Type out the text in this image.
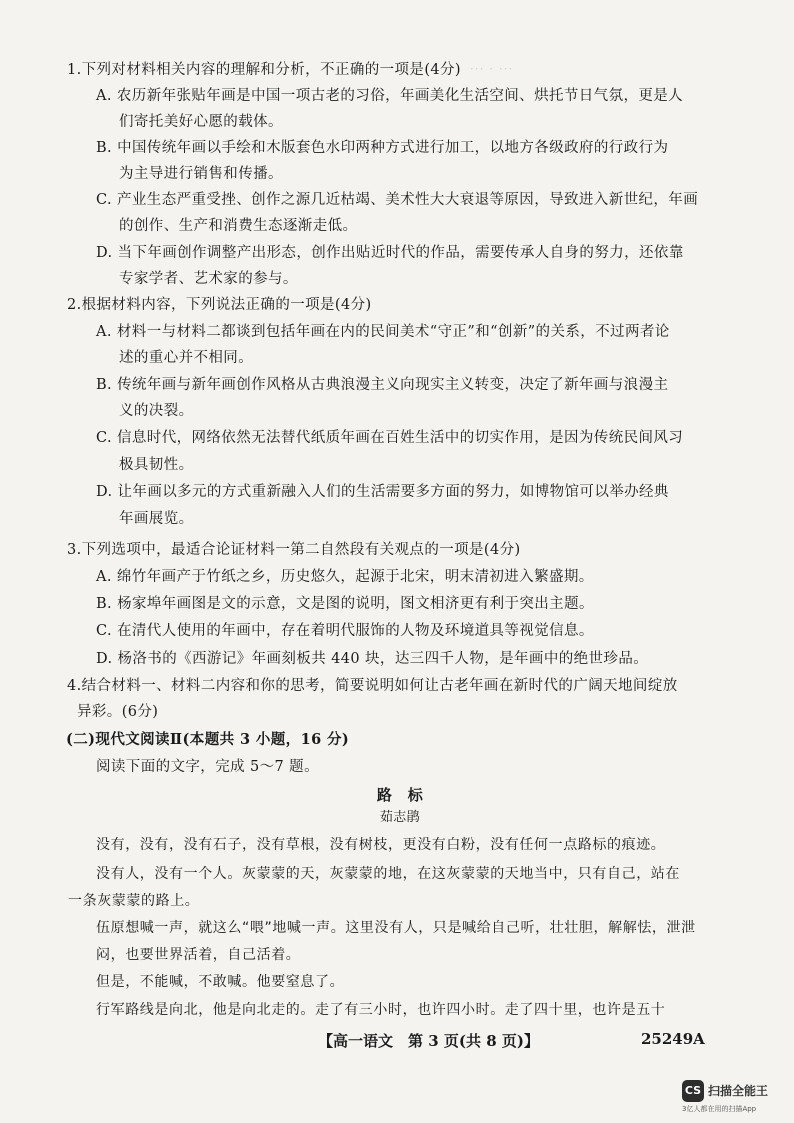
··· · ···
1.下列对材料相关内容的理解和分析，不正确的一项是(4分)
A. 农历新年张贴年画是中国一项古老的习俗，年画美化生活空间、烘托节日气氛，更是人
们寄托美好心愿的载体。
B. 中国传统年画以手绘和木版套色水印两种方式进行加工，以地方各级政府的行政行为
为主导进行销售和传播。
C. 产业生态严重受挫、创作之源几近枯竭、美术性大大衰退等原因，导致进入新世纪，年画
的创作、生产和消费生态逐渐走低。
D. 当下年画创作调整产出形态，创作出贴近时代的作品，需要传承人自身的努力，还依靠
专家学者、艺术家的参与。
2.根据材料内容，下列说法正确的一项是(4分)
A. 材料一与材料二都谈到包括年画在内的民间美术“守正”和“创新”的关系，不过两者论
述的重心并不相同。
B. 传统年画与新年画创作风格从古典浪漫主义向现实主义转变，决定了新年画与浪漫主
义的决裂。
C. 信息时代，网络依然无法替代纸质年画在百姓生活中的切实作用，是因为传统民间风习
极具韧性。
D. 让年画以多元的方式重新融入人们的生活需要多方面的努力，如博物馆可以举办经典
年画展览。
3.下列选项中，最适合论证材料一第二自然段有关观点的一项是(4分)
A. 绵竹年画产于竹纸之乡，历史悠久，起源于北宋，明末清初进入繁盛期。
B. 杨家埠年画图是文的示意，文是图的说明，图文相济更有利于突出主题。
C. 在清代人使用的年画中，存在着明代服饰的人物及环境道具等视觉信息。
D. 杨洛书的《西游记》年画刻板共 440 块，达三四千人物，是年画中的绝世珍品。
4.结合材料一、材料二内容和你的思考，简要说明如何让古老年画在新时代的广阔天地间绽放
异彩。(6分)
(二)现代文阅读Ⅱ(本题共 3 小题，16 分)
阅读下面的文字，完成 5～7 题。
路　标
茹志鹃
没有，没有，没有石子，没有草根，没有树枝，更没有白粉，没有任何一点路标的痕迹。
没有人，没有一个人。灰蒙蒙的天，灰蒙蒙的地，在这灰蒙蒙的天地当中，只有自己，站在
一条灰蒙蒙的路上。
伍原想喊一声，就这么“喂”地喊一声。这里没有人，只是喊给自己听，壮壮胆，解解怯，泄泄
闷，也要世界活着，自己活着。
但是，不能喊，不敢喊。他要窒息了。
行军路线是向北，他是向北走的。走了有三小时，也许四小时。走了四十里，也许是五十
【高一语文　第 3 页(共 8 页)】	25249A
CS 扫描全能王
3亿人都在用的扫描App
